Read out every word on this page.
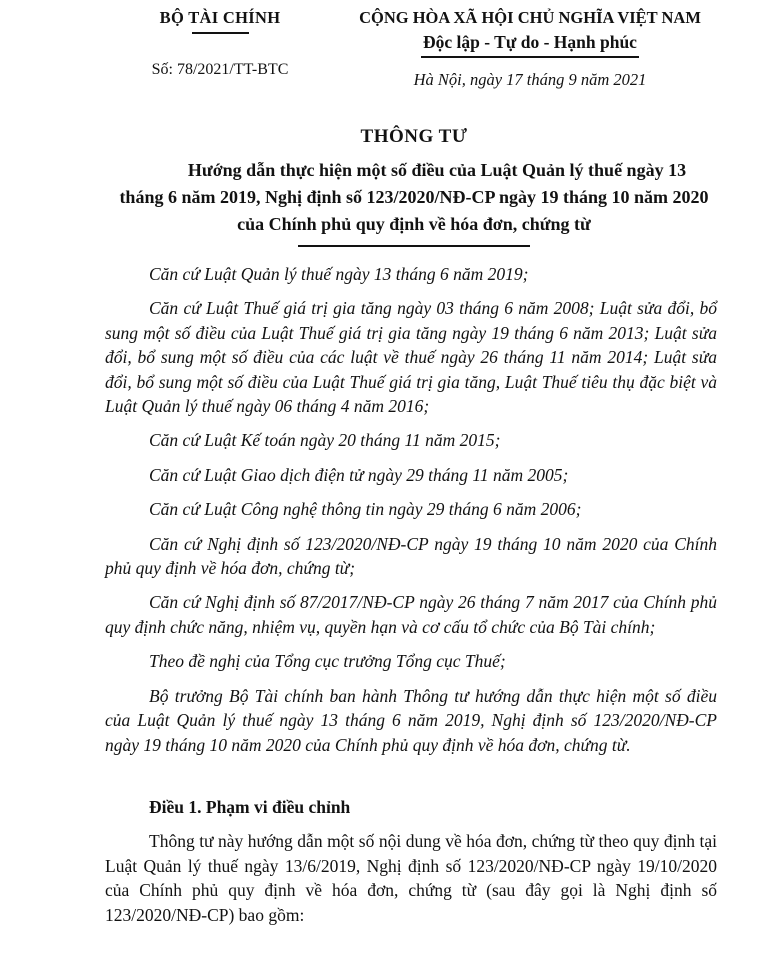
BỘ TÀI CHÍNH
Số: 78/2021/TT-BTC
CỘNG HÒA XÃ HỘI CHỦ NGHĨA VIỆT NAM
Độc lập - Tự do - Hạnh phúc
Hà Nội, ngày 17 tháng 9 năm 2021
THÔNG TƯ
Hướng dẫn thực hiện một số điều của Luật Quản lý thuế ngày 13 tháng 6 năm 2019, Nghị định số 123/2020/NĐ-CP ngày 19 tháng 10 năm 2020 của Chính phủ quy định về hóa đơn, chứng từ

Căn cứ Luật Quản lý thuế ngày 13 tháng 6 năm 2019;

Căn cứ Luật Thuế giá trị gia tăng ngày 03 tháng 6 năm 2008; Luật sửa đổi, bổ sung một số điều của Luật Thuế giá trị gia tăng ngày 19 tháng 6 năm 2013; Luật sửa đổi, bổ sung một số điều của các luật về thuế ngày 26 tháng 11 năm 2014; Luật sửa đổi, bổ sung một số điều của Luật Thuế giá trị gia tăng, Luật Thuế tiêu thụ đặc biệt và Luật Quản lý thuế ngày 06 tháng 4 năm 2016;

Căn cứ Luật Kế toán ngày 20 tháng 11 năm 2015;

Căn cứ Luật Giao dịch điện tử ngày 29 tháng 11 năm 2005;

Căn cứ Luật Công nghệ thông tin ngày 29 tháng 6 năm 2006;

Căn cứ Nghị định số 123/2020/NĐ-CP ngày 19 tháng 10 năm 2020 của Chính phủ quy định về hóa đơn, chứng từ;

Căn cứ Nghị định số 87/2017/NĐ-CP ngày 26 tháng 7 năm 2017 của Chính phủ quy định chức năng, nhiệm vụ, quyền hạn và cơ cấu tổ chức của Bộ Tài chính;

Theo đề nghị của Tổng cục trưởng Tổng cục Thuế;

Bộ trưởng Bộ Tài chính ban hành Thông tư hướng dẫn thực hiện một số điều của Luật Quản lý thuế ngày 13 tháng 6 năm 2019, Nghị định số 123/2020/NĐ-CP ngày 19 tháng 10 năm 2020 của Chính phủ quy định về hóa đơn, chứng từ.

Điều 1. Phạm vi điều chỉnh

Thông tư này hướng dẫn một số nội dung về hóa đơn, chứng từ theo quy định tại Luật Quản lý thuế ngày 13/6/2019, Nghị định số 123/2020/NĐ-CP ngày 19/10/2020 của Chính phủ quy định về hóa đơn, chứng từ (sau đây gọi là Nghị định số 123/2020/NĐ-CP) bao gồm:
